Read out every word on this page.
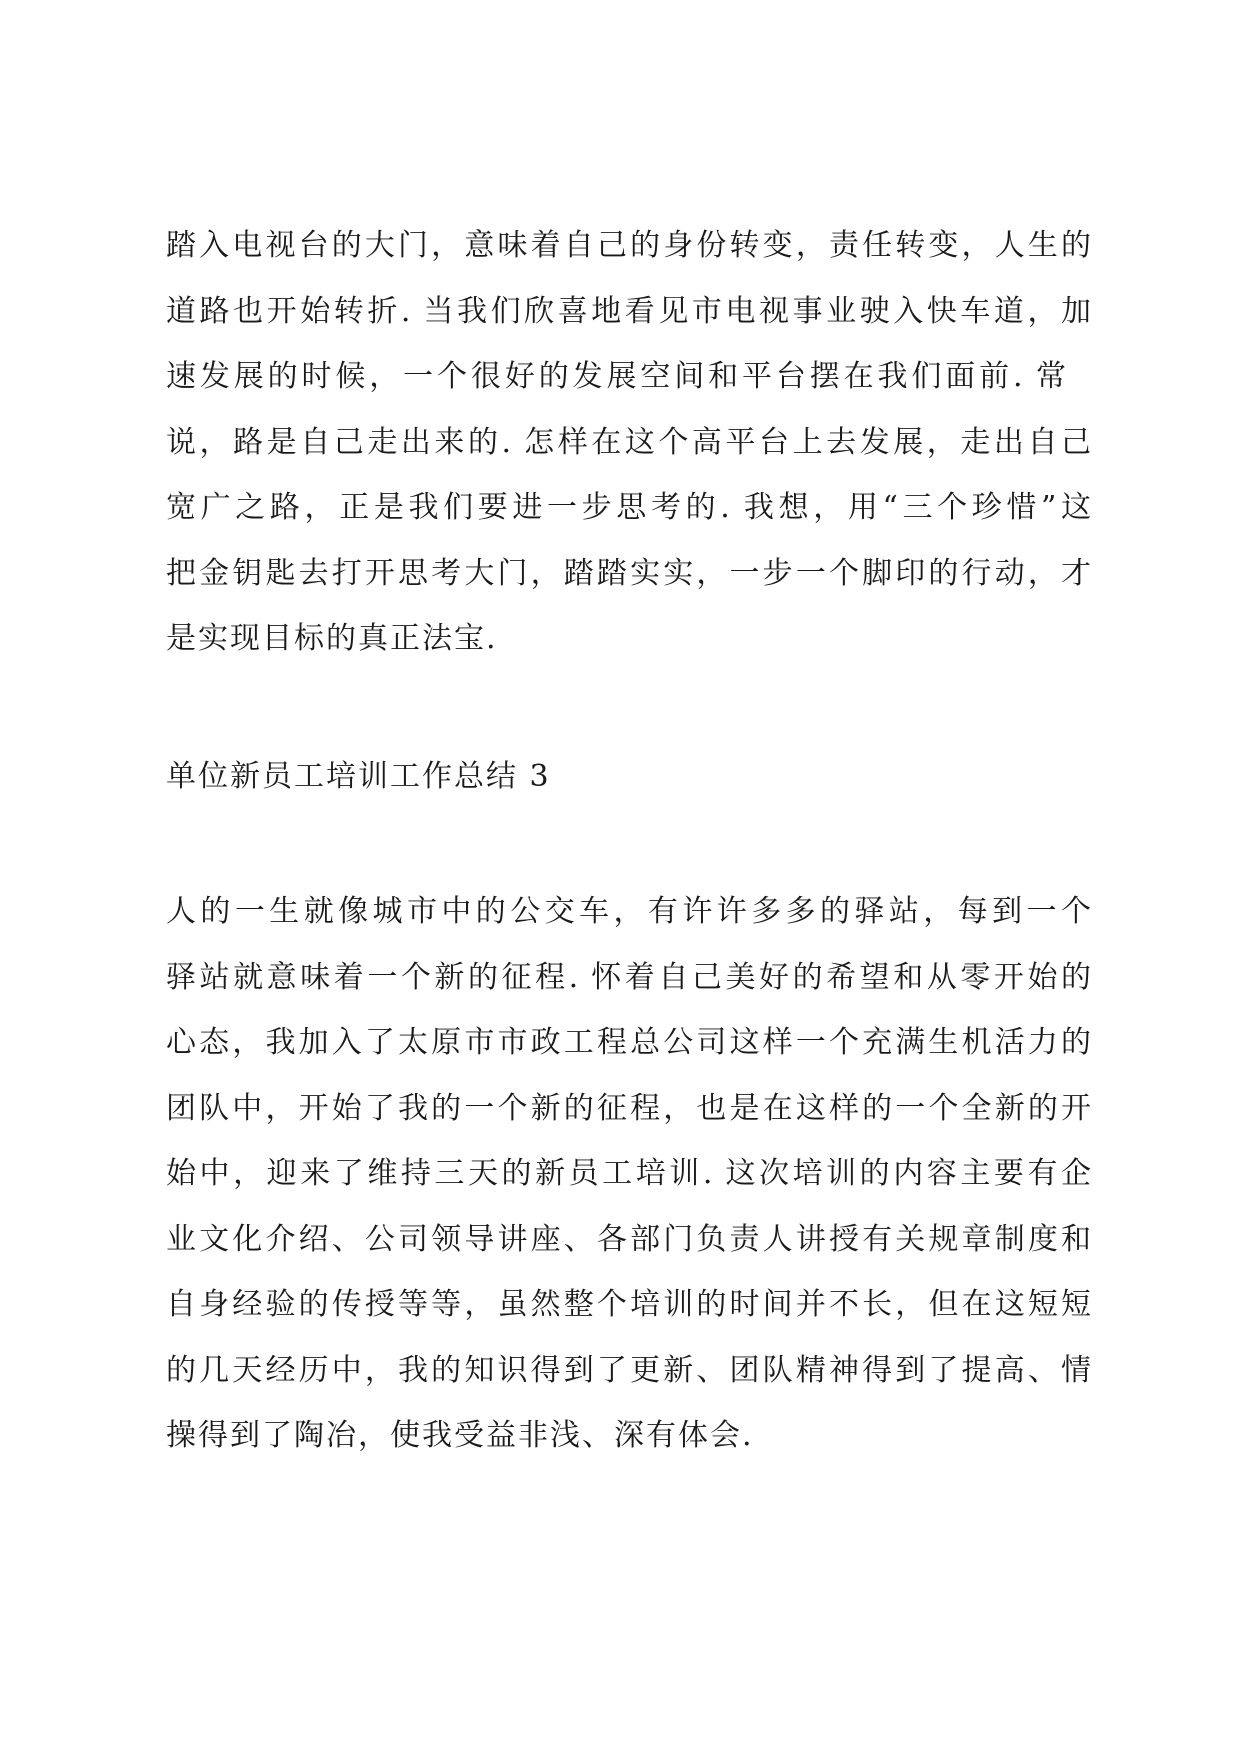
踏入电视台的大门，意味着自己的身份转变，责任转变，人生的
道路也开始转折. 当我们欣喜地看见市电视事业驶入快车道，加
速发展的时候，一个很好的发展空间和平台摆在我们面前. 常
说，路是自己走出来的. 怎样在这个高平台上去发展，走出自己
宽广之路，正是我们要进一步思考的. 我想，用“三个珍惜”这
把金钥匙去打开思考大门，踏踏实实，一步一个脚印的行动，才
是实现目标的真正法宝.
单位新员工培训工作总结 3
人的一生就像城市中的公交车，有许许多多的驿站，每到一个
驿站就意味着一个新的征程. 怀着自己美好的希望和从零开始的
心态，我加入了太原市市政工程总公司这样一个充满生机活力的
团队中，开始了我的一个新的征程，也是在这样的一个全新的开
始中，迎来了维持三天的新员工培训. 这次培训的内容主要有企
业文化介绍、公司领导讲座、各部门负责人讲授有关规章制度和
自身经验的传授等等，虽然整个培训的时间并不长，但在这短短
的几天经历中，我的知识得到了更新、团队精神得到了提高、情
操得到了陶冶，使我受益非浅、深有体会.
